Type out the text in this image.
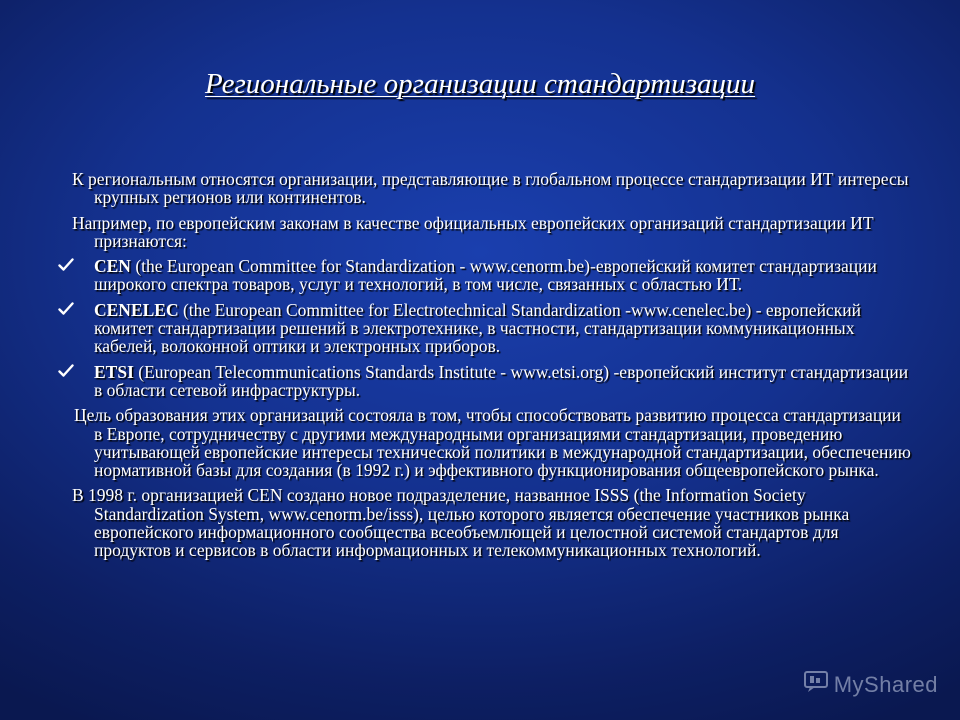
Региональные организации стандартизации

К региональным относятся организации, представляющие в глобальном процессе стандартизации ИТ интересы крупных регионов или континентов.

Например, по европейским законам в качестве официальных европейских организаций стандартизации ИТ признаются:

CEN (the European Committee for Standardization - www.cenorm.be)-европейский комитет стандартизации широкого спектра товаров, услуг и технологий, в том числе, связанных с областью ИТ.
CENELEC (the European Committee for Electrotechnical Standardization -www.cenelec.be) - европейский комитет стандартизации решений в электротехнике, в частности, стандартизации коммуникационных кабелей, волоконной оптики и электронных приборов.
ETSI (European Telecommunications Standards Institute - www.etsi.org) -европейский институт стандартизации в области сетевой инфраструктуры.

Цель образования этих организаций состояла в том, чтобы способствовать развитию процесса стандартизации в Европе, сотрудничеству с другими международными организациями стандартизации, проведению учитывающей европейские интересы технической политики в международной стандартизации, обеспечению нормативной базы для создания (в 1992 г.) и эффективного функционирования общеевропейского рынка.

В 1998 г. организацией CEN создано новое подразделение, названное ISSS (the Information Society Standardization System, www.cenorm.be/isss), целью которого является обеспечение участников рынка европейского информационного сообщества всеобъемлющей и целостной системой стандартов для продуктов и сервисов в области информационных и телекоммуникационных технологий.

MyShared
